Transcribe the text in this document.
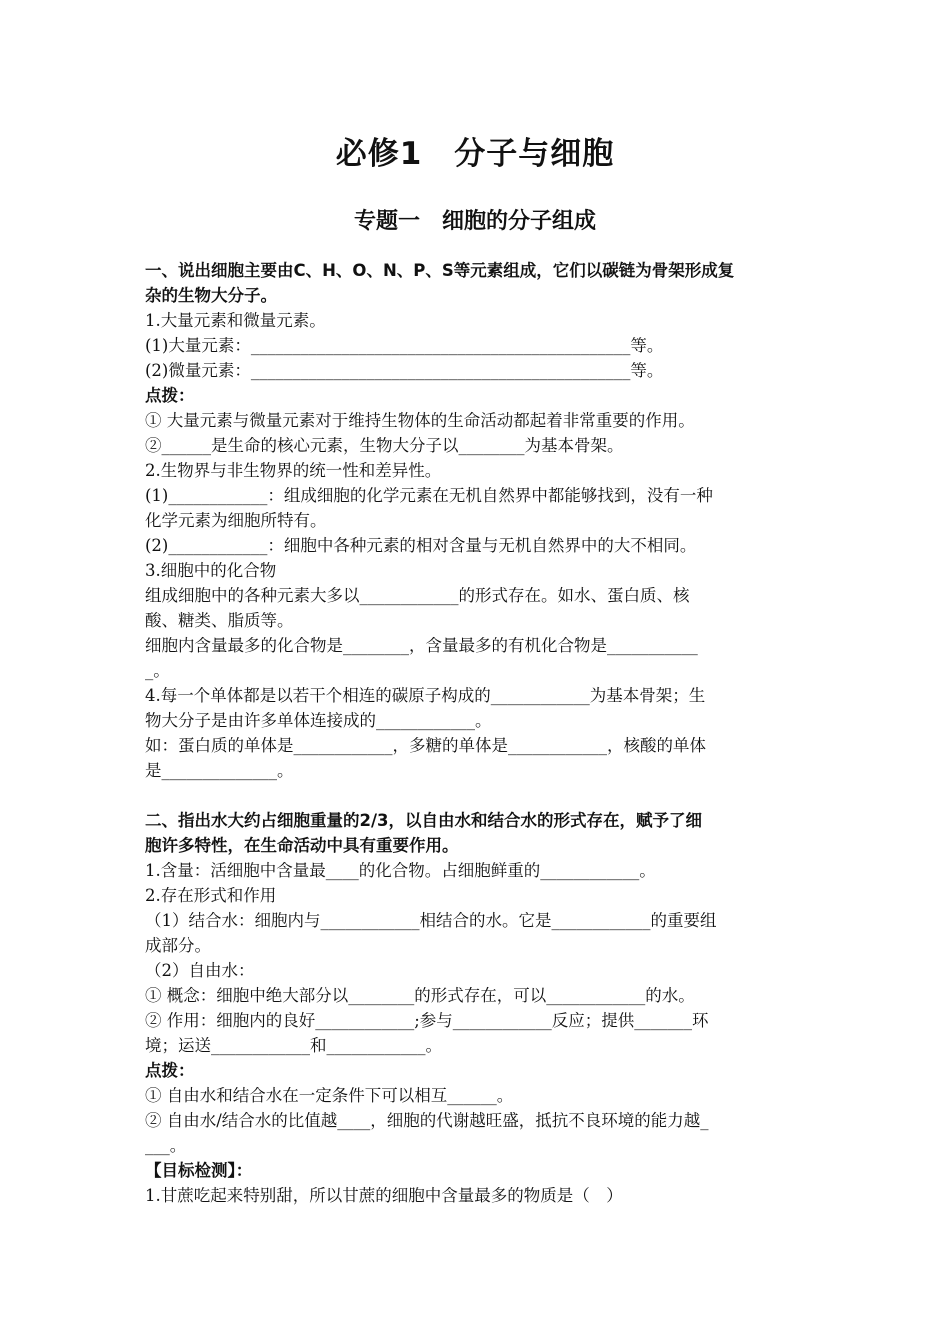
必修1　分子与细胞
专题一　细胞的分子组成
一、说出细胞主要由C、H、O、N、P、S等元素组成，它们以碳链为骨架形成复
杂的生物大分子。
1.大量元素和微量元素。
(1)大量元素：______________________________________________等。
(2)微量元素：______________________________________________等。
点拨：
① 大量元素与微量元素对于维持生物体的生命活动都起着非常重要的作用。
②______是生命的核心元素，生物大分子以________为基本骨架。
2.生物界与非生物界的统一性和差异性。
(1)____________：组成细胞的化学元素在无机自然界中都能够找到，没有一种
化学元素为细胞所特有。
(2)____________：细胞中各种元素的相对含量与无机自然界中的大不相同。
3.细胞中的化合物
组成细胞中的各种元素大多以____________的形式存在。如水、蛋白质、核
酸、糖类、脂质等。
细胞内含量最多的化合物是________，含量最多的有机化合物是___________
_。
4.每一个单体都是以若干个相连的碳原子构成的____________为基本骨架；生
物大分子是由许多单体连接成的____________。
如：蛋白质的单体是____________，多糖的单体是____________，核酸的单体
是______________。
二、指出水大约占细胞重量的2/3，以自由水和结合水的形式存在，赋予了细
胞许多特性，在生命活动中具有重要作用。
1.含量：活细胞中含量最____的化合物。占细胞鲜重的____________。
2.存在形式和作用
（1）结合水：细胞内与____________相结合的水。它是____________的重要组
成部分。
（2）自由水：
① 概念：细胞中绝大部分以________的形式存在，可以____________的水。
② 作用：细胞内的良好____________;参与____________反应；提供_______环
境；运送____________和____________。
点拨：
① 自由水和结合水在一定条件下可以相互______。
② 自由水/结合水的比值越____，细胞的代谢越旺盛，抵抗不良环境的能力越_
___。
【目标检测】：
1.甘蔗吃起来特别甜，所以甘蔗的细胞中含量最多的物质是（　）
